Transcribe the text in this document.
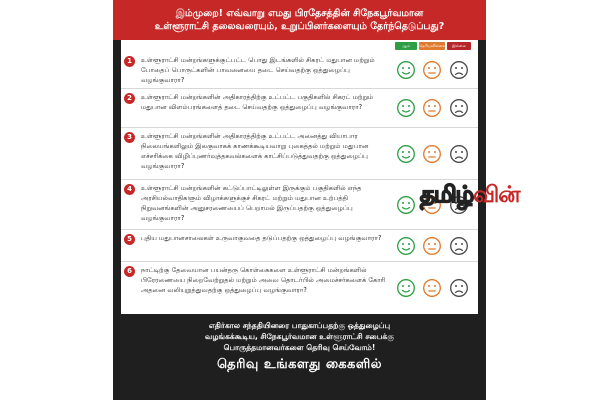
இம்முறை! எவ்வாறு எமது பிரதேசத்தின் சிநேகபூர்வமான
உள்ளூராட்சி தலைவரையும், உறுப்பினர்களையும் தேர்ந்தெடுப்பது?
ஆம்	தெரியவில்லை	இல்லை
1	உள்ளூராட்சி மன்றங்களுக்குட்பட்ட பொது இடங்களில் சிகரட் மதுபான மற்றும் போதைப் பொருட்களின் பாவனையை தடை செய்வதற்கு ஒத்துழைப்பு வழங்குவாரா?
2	உள்ளூராட்சி மன்றங்களின் அதிகாரத்திற்கு உட்பட்ட பகுதிகளில் சிகரட் மற்றும் மதுபான விளம்பரங்களைத் தடை செய்வதற்கு ஒத்துழைப்பு வழங்குவாரா?
3	உள்ளூராட்சி மன்றங்களின் அதிகாரத்திற்கு உட்பட்ட அனைத்து வியாபார நிலையங்களிலும் இலகுவாகக் காணக்கூடியவாறு புகைத்தல் மற்றும் மதுபான எச்சரிக்கை விழிப்புணர்வுத்தகவல்களைக் காட்சிப்படுத்துவதற்கு ஒத்துழைப்பு வழங்குவாரா?
4	உள்ளூராட்சி மன்றங்களின் கட்டுப்பாட்டிலுள்ள இருக்கும் பகுதிகளில் எந்த அரசியல்வாதிகளும் விழாக்களுக்குச் சிகரட் மற்றும் மதுபான உற்பத்தி நிறுவனங்களின் அனுசரணையைப் பெறாமல் இருப்பதற்கு ஒத்துழைப்பு வழங்குவாரா?
5	புதிய மதுபானசாலைகள் உருவாகுவதை தடுப்பதற்கு ஒத்துழைப்பு வழங்குவாரா?
6	நாட்டிற்கு தேவையான பயன்தரு கொள்கைகளை உள்ளூராட்சி மன்றங்களில் பிரேரணையை நிறைவேற்றுதல் மற்றும் அவை தொடர்பில் அமைச்சர்களைக் கோரி அதனை வலியுறுத்துவதற்கு ஒத்துழைப்பு வழங்குவாரா?
எதிர்கால சந்ததியினரை பாதுகாப்பதற்கு ஒத்துழைப்பு
வழங்கக்கூடிய, சிநேகபூர்வமான உள்ளூராட்சி சபைக்கு
பொருத்தமானவர்களை தெரிவு செய்வோம்!
தெரிவு உங்களது கைகளில்
தமிழ்வின்
